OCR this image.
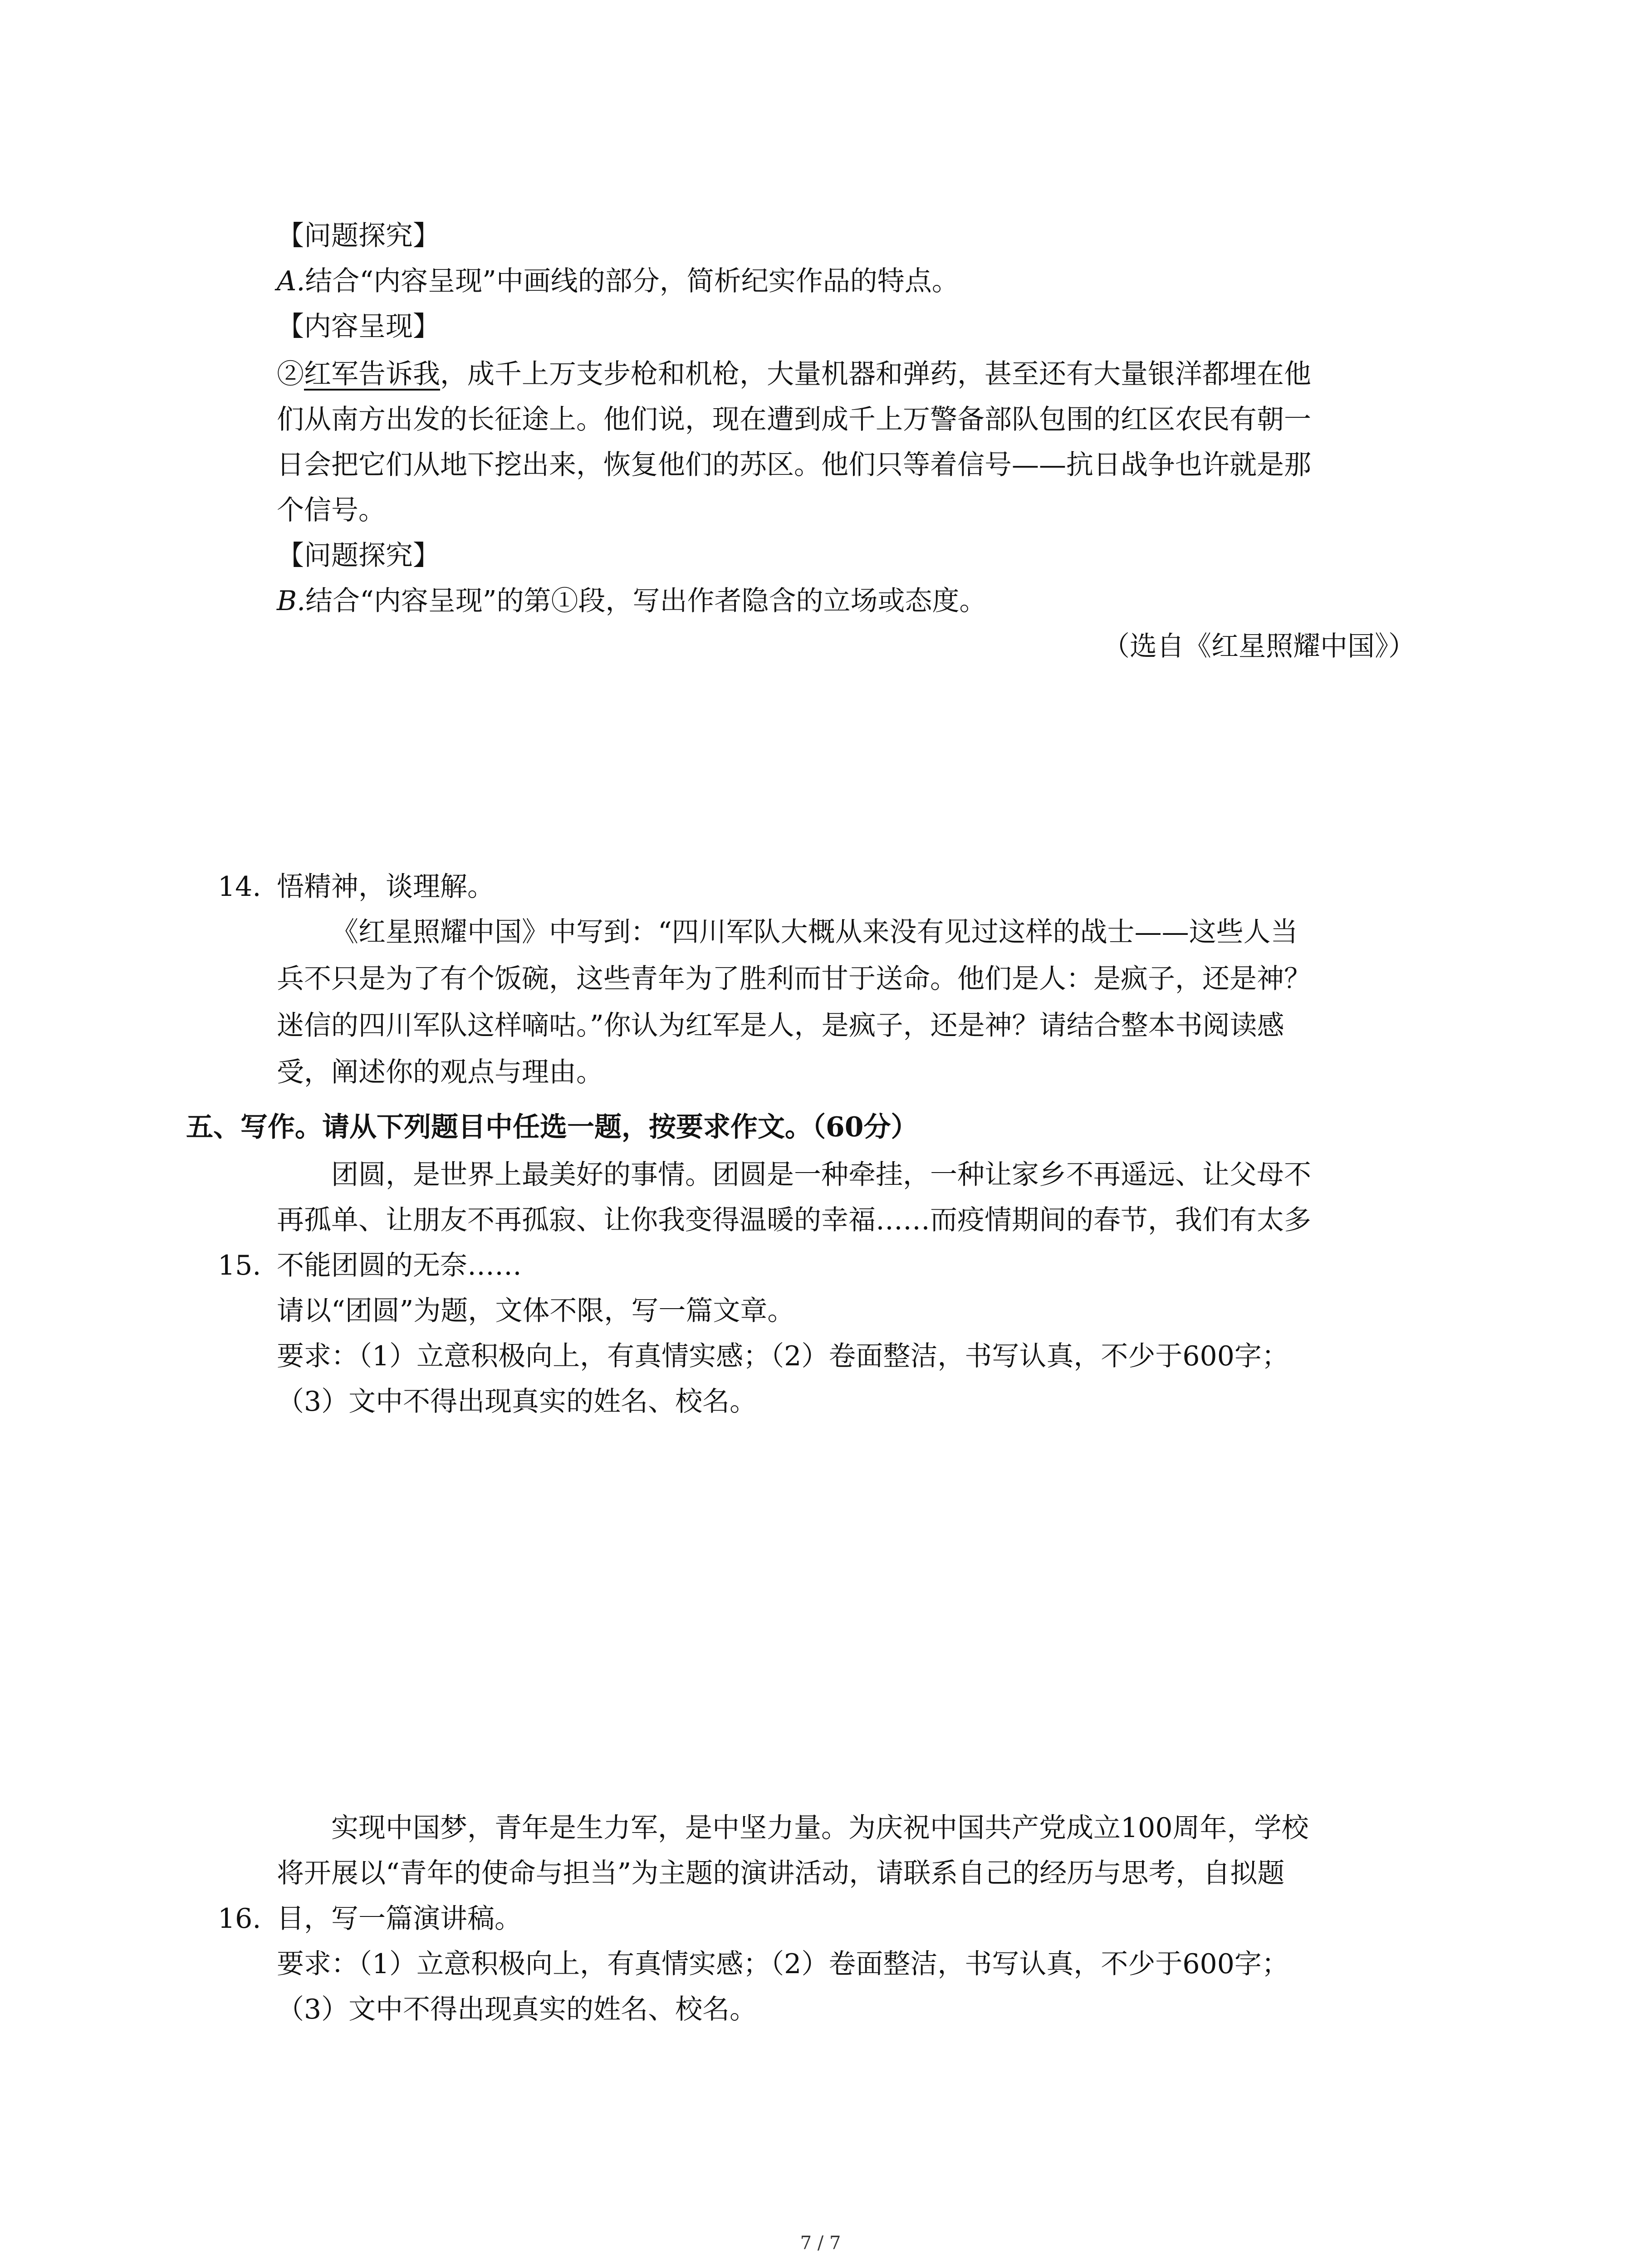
【问题探究】
A.结合“内容呈现”中画线的部分，简析纪实作品的特点。
【内容呈现】
②红军告诉我，成千上万支步枪和机枪，大量机器和弹药，甚至还有大量银洋都埋在他
们从南方出发的长征途上。他们说，现在遭到成千上万警备部队包围的红区农民有朝一
日会把它们从地下挖出来，恢复他们的苏区。他们只等着信号——抗日战争也许就是那
个信号。
【问题探究】
B.结合“内容呈现”的第①段，写出作者隐含的立场或态度。
（选自《红星照耀中国》）
14. 悟精神，谈理解。
《红星照耀中国》中写到：“四川军队大概从来没有见过这样的战士——这些人当
兵不只是为了有个饭碗，这些青年为了胜利而甘于送命。他们是人：是疯子，还是神？
迷信的四川军队这样嘀咕。”你认为红军是人，是疯子，还是神？请结合整本书阅读感
受，阐述你的观点与理由。
五、写作。请从下列题目中任选一题，按要求作文。（60分）
团圆，是世界上最美好的事情。团圆是一种牵挂，一种让家乡不再遥远、让父母不
再孤单、让朋友不再孤寂、让你我变得温暖的幸福……而疫情期间的春节，我们有太多
15. 不能团圆的无奈……
请以“团圆”为题，文体不限，写一篇文章。
要求：（1）立意积极向上，有真情实感；（2）卷面整洁，书写认真，不少于600字；
（3）文中不得出现真实的姓名、校名。
实现中国梦，青年是生力军，是中坚力量。为庆祝中国共产党成立100周年，学校
将开展以“青年的使命与担当”为主题的演讲活动，请联系自己的经历与思考，自拟题
16. 目，写一篇演讲稿。
要求：（1）立意积极向上，有真情实感；（2）卷面整洁，书写认真，不少于600字；
（3）文中不得出现真实的姓名、校名。
7 / 7
